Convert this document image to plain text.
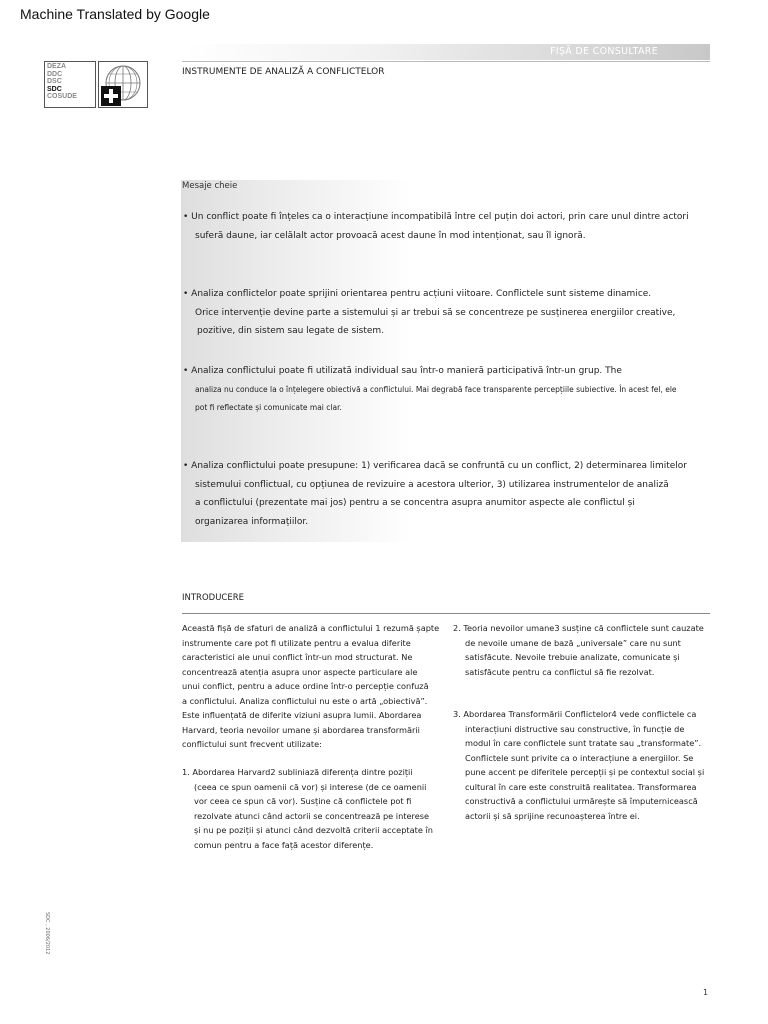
Machine Translated by Google
DEZA
DDC
DSC
SDC
COSUDE
FIȘĂ DE CONSULTARE
INSTRUMENTE DE ANALIZĂ A CONFLICTELOR
Mesaje cheie
• Un conflict poate fi înțeles ca o interacțiune incompatibilă între cel puțin doi actori, prin care unul dintre actori
suferă daune, iar celălalt actor provoacă acest daune în mod intenționat, sau îl ignoră.
• Analiza conflictelor poate sprijini orientarea pentru acțiuni viitoare. Conflictele sunt sisteme dinamice.
Orice intervenție devine parte a sistemului și ar trebui să se concentreze pe susținerea energiilor creative,
pozitive, din sistem sau legate de sistem.
• Analiza conflictului poate fi utilizată individual sau într-o manieră participativă într-un grup. The
analiza nu conduce la o înțelegere obiectivă a conflictului. Mai degrabă face transparente percepțiile subiective. În acest fel, ele
pot fi reflectate și comunicate mai clar.
• Analiza conflictului poate presupune: 1) verificarea dacă se confruntă cu un conflict, 2) determinarea limitelor
sistemului conflictual, cu opțiunea de revizuire a acestora ulterior, 3) utilizarea instrumentelor de analiză
a conflictului (prezentate mai jos) pentru a se concentra asupra anumitor aspecte ale conflictul și
organizarea informațiilor.
INTRODUCERE
Această fișă de sfaturi de analiză a conflictului 1 rezumă șapte
instrumente care pot fi utilizate pentru a evalua diferite
caracteristici ale unui conflict într-un mod structurat. Ne
concentrează atenția asupra unor aspecte particulare ale
unui conflict, pentru a aduce ordine într-o percepție confuză
a conflictului. Analiza conflictului nu este o artă „obiectivă”.
Este influențată de diferite viziuni asupra lumii. Abordarea
Harvard, teoria nevoilor umane și abordarea transformării
conflictului sunt frecvent utilizate:
1. Abordarea Harvard2 subliniază diferența dintre poziții
(ceea ce spun oamenii că vor) și interese (de ce oamenii
vor ceea ce spun că vor). Susține că conflictele pot fi
rezolvate atunci când actorii se concentrează pe interese
și nu pe poziții și atunci când dezvoltă criterii acceptate în
comun pentru a face față acestor diferențe.
2. Teoria nevoilor umane3 susține că conflictele sunt cauzate
de nevoile umane de bază „universale” care nu sunt
satisfăcute. Nevoile trebuie analizate, comunicate și
satisfăcute pentru ca conflictul să fie rezolvat.
3. Abordarea Transformării Conflictelor4 vede conflictele ca
interacțiuni distructive sau constructive, în funcție de
modul în care conflictele sunt tratate sau „transformate”.
Conflictele sunt privite ca o interacțiune a energiilor. Se
pune accent pe diferitele percepții și pe contextul social și
cultural în care este construită realitatea. Transformarea
constructivă a conflictului urmărește să împuternicească
actorii și să sprijine recunoașterea între ei.
SDC , 2006/2012
1
